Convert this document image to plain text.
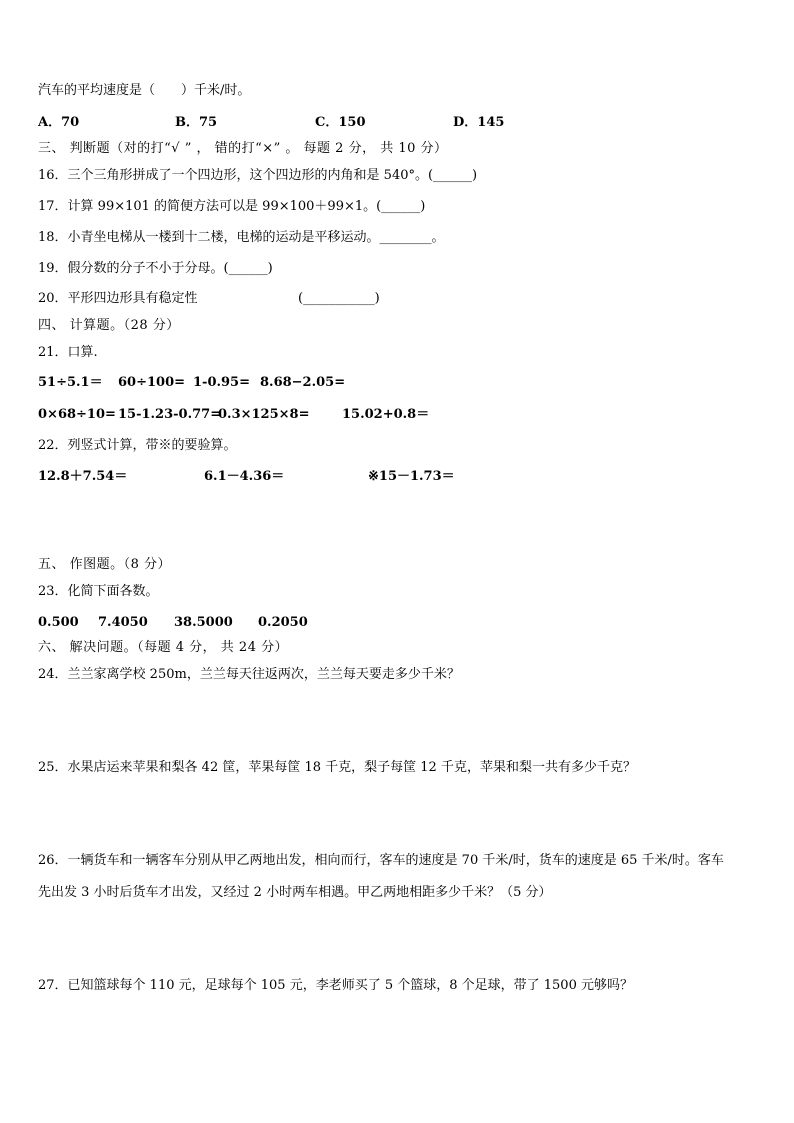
汽车的平均速度是（　　）千米/时。
A．70	B．75	C．150	D．145
三、 判断题（对的打“√ ” ， 错的打“×” 。 每题 2 分， 共 10 分）
16．三个三角形拼成了一个四边形，这个四边形的内角和是 540°。(______)
17．计算 99×101 的简便方法可以是 99×100＋99×1。(______)
18．小青坐电梯从一楼到十二楼，电梯的运动是平移运动。________。
19．假分数的分子不小于分母。(______)
20．平形四边形具有稳定性	(___________)
四、 计算题。（28 分）
21．口算.
51÷5.1＝ 60÷100= 1-0.95= 8.68−2.05=
0×68÷10= 15-1.23-0.77=0.3×125×8=	15.02+0.8＝
22．列竖式计算，带※的要验算。
12.8＋7.54＝	6.1－4.36＝	※15－1.73＝
五、 作图题。（8 分）
23．化简下面各数。
0.500 7.4050 38.5000 0.2050
六、 解决问题。（每题 4 分， 共 24 分）
24．兰兰家离学校 250m，兰兰每天往返两次，兰兰每天要走多少千米？
25．水果店运来苹果和梨各 42 筐，苹果每筐 18 千克，梨子每筐 12 千克，苹果和梨一共有多少千克？
26．一辆货车和一辆客车分别从甲乙两地出发，相向而行，客车的速度是 70 千米/时，货车的速度是 65 千米/时。客车
先出发 3 小时后货车才出发，又经过 2 小时两车相遇。甲乙两地相距多少千米？（5 分）
27．已知篮球每个 110 元，足球每个 105 元，李老师买了 5 个篮球，8 个足球，带了 1500 元够吗？
